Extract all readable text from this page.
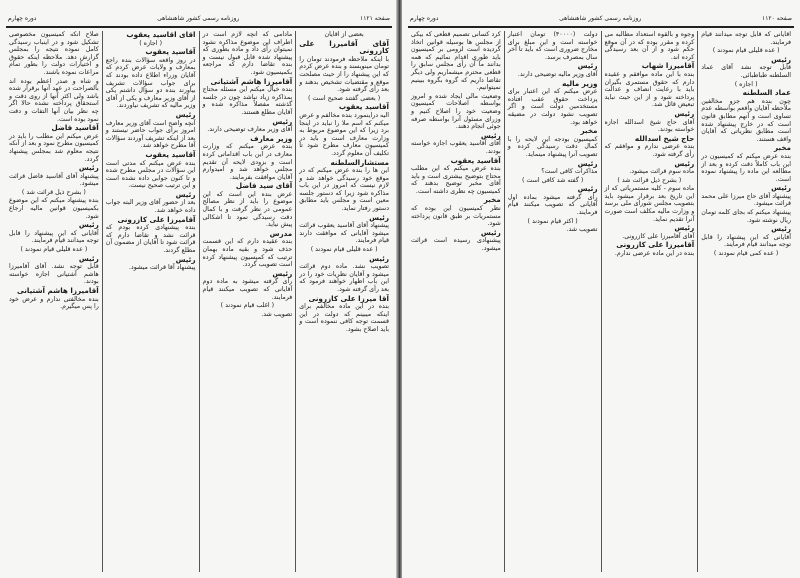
صفحه ۱۱۲۱
روزنامه رسمی کشور شاهنشاهی
دوره چهارم

بعضی از آقایان

آقای آقامیرزا علی کازرونی

با اینکه ملاحظه فرمودند تومان را تومان مینویسند و بنده عرض کردم که این پیشنهاد را از حیث مصلحت موقع و مقتضیات تشخیص بدهند و بعد رأی گرفته شود.

( بعضی گفتند صحیح است )

آقاسید یعقوب

الیه دراینمورد بنده مخالفم و عرض میکنم که اسم ملا را نباید در اینجا برد زیرا که این موضوع مربوط به وزارت معارف است و باید در کمیسیون معارف مطرح شود تا تکلیف آن معلوم گردد.

مستشارالسلطنه

این ها را بنده عرض میکنم که در موقع خود رسیدگی خواهد شد و لازم نیست که امروز در این باب مذاکره شود زیرا که دستور جلسه معین است و مجلس باید مطابق دستور رفتار نماید.

رئیس

پیشنهاد آقای آقاسید یعقوب قرائت میشود آقایانی که موافقت دارند قیام فرمایند.

( عده قلیلی قیام نمودند )

رئیس

تصویب نشد. ماده دوم قرائت میشود و آقایان نظریات خود را در این باب اظهار خواهند فرمود که بعد رأی گرفته شود.

آقا میرزا علی کازرونی

بنده در این ماده مخالفم برای اینکه میبینم که دولت در این قسمت توجه کافی ننموده است و باید اصلاح بشود.

مادامی که آنچه لازم است در اطراف این موضوع مذاکره نشود نمیتوان رأی داد و ماده بطوری که پیشنهاد شده قابل قبول نیست و بنده تقاضا دارم که مراجعه بکمیسیون شود.

آقامیرزا هاشم آشتیانی

بنده خیال میکنم این مسئله محتاج بمذاکره زیاد نباشد چون در جلسه گذشته مفصلاً مذاکره شده و آقایان مطلع هستند.

رئیس

آقای وزیر معارف توضیحی دارند.

وزیر معارف

بنده عرض میکنم که وزارت معارف در این باب اقداماتی کرده است و بزودی لایحه آن تقدیم مجلس خواهد شد و امیدوارم آقایان موافقت بفرمایند.

آقای سید فاضل

عرض بنده این است که این موضوع را باید از نظر مصالح عمومی در نظر گرفت و با کمال دقت رسیدگی نمود تا اشکالی پیش نیاید.

مدرس

بنده عقیده دارم که این قسمت حذف شود و بقیه ماده بهمان ترتیب که کمیسیون پیشنهاد کرده است تصویب گردد.

رئیس

رأی گرفته میشود به ماده دوم آقایانی که تصویب میکنند قیام فرمایند.

( اغلب قیام نمودند )

تصویب شد.

آقای آقاسید یعقوب

( اجازه )

آقاسید یعقوب

در روز واقعه سؤالات بنده راجع بمعارف و ولایات عرض کردم که آقایان وزراء اطلاع داده بودند که برای جواب سؤالات تشریف بیاورند بنده دو سؤال داشتم یکی از آقای وزیر معارف و یکی از آقای وزیر مالیه که تشریف نیاوردند.

رئیس

آنچه واضح است آقای وزیر معارف امروز برای جواب حاضر نیستند و بعد از اینکه تشریف آوردند سؤالات آقا مطرح خواهد شد.

آقاسید یعقوب

بنده عرض میکنم که مدتی است این سؤالات در مجلس مطرح شده و تا کنون جوابی داده نشده است و این ترتیب صحیح نیست.

رئیس

بعد از حضور آقای وزیر البته جواب داده خواهد شد.

آقامیرزا علی کازرونی

بنده پیشنهادی کرده بودم که قرائت نشد و تقاضا دارم که قرائت شود تا آقایان از مضمون آن مطلع گردند.

رئیس

پیشنهاد آقا قرائت میشود.

صلاح آنکه کمیسیون مخصوصی تشکیل شود و در اینباب رسیدگی کامل نموده نتیجه را بمجلس گزارش دهد. ملاحظه اینکه حقوق و اختیارات دولت را بطور تمام مراعات نموده باشند.

و شاه و صدر اعظم بوده اند بالصراحت در عهد آنها برقرار شده باشد ولی اکثر آنها از روی دقت و استحقاق پرداخته نشده حالا اگر چه نظر بیان آنها التفات و دقت نمود بوده است.

آقاسید فاضل

عرض میکنم این مطلب را باید در کمیسیون مطرح نمود و بعد از آنکه نتیجه معلوم شد بمجلس پیشنهاد گردد.

رئیس

پیشنهاد آقای آقاسید فاضل قرائت میشود.

( بشرح ذیل قرائت شد )

بنده پیشنهاد میکنم که این موضوع بکمیسیون قوانین مالیه ارجاع شود.

رئیس

آقایانی که این پیشنهاد را قابل توجه میدانند قیام فرمایند.

( عده قلیلی قیام نمودند )

رئیس

قابل توجه نشد. آقای آقامیرزا هاشم آشتیانی اجازه خواسته بودند.

آقامیرزا هاشم آشتیانی

بنده مخالفتی ندارم و عرض خود را پس میگیرم.

صفحه ۱۱۲۰
روزنامه رسمی کشور شاهنشاهی
دوره چهارم

آقایانی که قابل توجه میدانند قیام فرمایند.

( عده قلیلی قیام نمودند )

رئیس

قابل توجه نشد آقای عماد السلطنه طباطبائی.

( اجازه )

عماد السلطنه

چون بنده هم جزو مخالفین ملاحظه آقایان واقعم بواسطه عدم تساوی است و آنهم مطابق قانون است که در خارج پیشنهاد شده است مطابق نظریاتی که آقایان واقف هستند.

مخبر

بنده عرض میکنم که کمیسیون در این باب کاملاً دقت کرده و بعد از مطالعه این ماده را پیشنهاد نموده است.

رئیس

پیشنهاد آقای حاج میرزا علی محمد قرائت میشود.

پیشنهاد میکنم که بجای کلمه تومان ریال نوشته شود.

رئیس

آقایانی که این پیشنهاد را قابل توجه میدانند قیام فرمایند.

( عده کمی قیام نمودند )

وجوه و بالقوه استعداد مطالبه می کرده و مقرر بوده که در آن موقع حکم شود و از آن بعد رسیدگی کرده اند.

آقامیرزا شهاب

بنده با این ماده موافقم و عقیده دارم که حقوق مستمری بگیران باید با رعایت انصاف و عدالت پرداخته شود و از این حیث نباید تبعیض قائل شد.

رئیس

آقای حاج شیخ اسدالله اجازه خواسته بودند.

حاج شیخ اسدالله

بنده عرضی ندارم و موافقم که رأی گرفته شود.

رئیس

ماده سوم قرائت میشود.

( بشرح ذیل قرائت شد )

ماده سوم - کلیه مستمریاتی که از این تاریخ بعد برقرار میشود باید بتصویب مجلس شورای ملی برسد و وزارت مالیه مکلف است صورت آنرا تقدیم نماید.

رئیس

آقای آقامیرزا علی کازرونی.

آقامیرزا علی کازرونی

بنده در این ماده عرضی ندارم.

دولت (۴۰۰۰۰) تومان اعتبار خواسته است و این مبلغ برای مخارج ضروری است که باید تا آخر سال بمصرف برسد.

رئیس

آقای وزیر مالیه توضیحی دارند.

وزیر مالیه

عرض میکنم که این اعتبار برای پرداخت حقوق عقب افتاده مستخدمین دولت است و اگر تصویب نشود دولت در مضیقه خواهد بود.

مخبر

کمیسیون بودجه این لایحه را با کمال دقت رسیدگی کرده و تصویب آنرا پیشنهاد مینماید.

رئیس

مذاکرات کافی است؟

( گفته شد کافی است )

رئیس

رأی گرفته میشود بماده اول آقایانی که تصویب میکنند قیام فرمایند.

( اکثر قیام نمودند )

تصویب شد.

کرد کسانی تصمیم قطعی که بیکی از مجلس ها بوسیله قوانین اتخاذ گردیده است لزومی بر کمیسیون باید طوری اقدام نمائیم که همه بدانند ما آن رأی مجلس سابق را قطعی محترم میشماریم ولی دیگر تقاضا داریم که گروه بگروه ببینیم نمیتوانیم.

وضعیت مالی ایجاد شده و امروز بواسطه اصلاحات کمیسیون وضعیت خود را اصلاح کنیم و وزرای مسئول آنرا بواسطه صرفه جوئی انجام دهند.

رئیس

آقای آقاسید یعقوب اجازه خواسته بودند.

آقاسید یعقوب

بنده عرض میکنم که این مطلب محتاج بتوضیح بیشتری است و باید آقای مخبر توضیح بدهند که کمیسیون چه نظری داشته است.

مخبر

نظر کمیسیون این بوده که مستمریات بر طبق قانون پرداخته شود.

رئیس

پیشنهادی رسیده است قرائت میشود.
